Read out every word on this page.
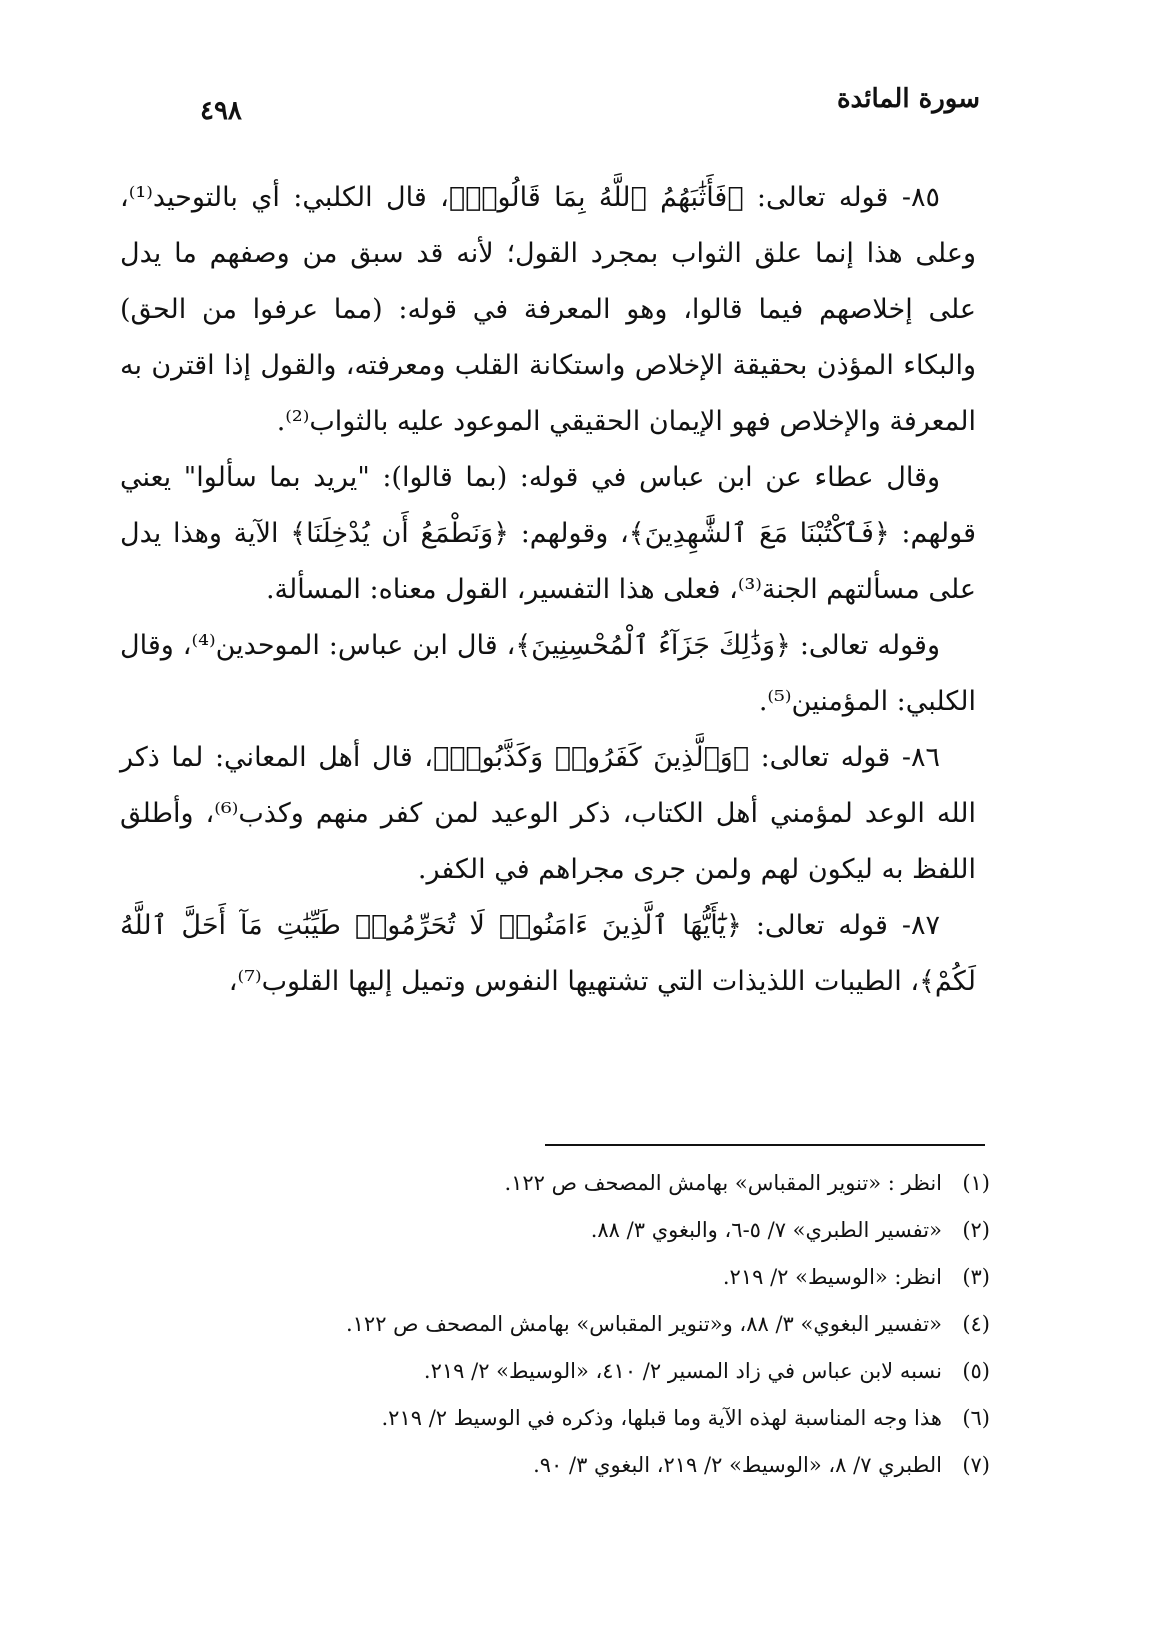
سورة المائدة
٤٩٨

٨٥- قوله تعالى: ﴿فَأَثَٰبَهُمُ ٱللَّهُ بِمَا قَالُوا۟﴾، قال الكلبي: أي بالتوحيد⁽¹⁾، وعلى هذا إنما علق الثواب بمجرد القول؛ لأنه قد سبق من وصفهم ما يدل على إخلاصهم فيما قالوا، وهو المعرفة في قوله: (مما عرفوا من الحق) والبكاء المؤذن بحقيقة الإخلاص واستكانة القلب ومعرفته، والقول إذا اقترن به المعرفة والإخلاص فهو الإيمان الحقيقي الموعود عليه بالثواب⁽²⁾.

وقال عطاء عن ابن عباس في قوله: (بما قالوا): "يريد بما سألوا" يعني قولهم: ﴿فَٱكْتُبْنَا مَعَ ٱلشَّٰهِدِينَ﴾، وقولهم: ﴿وَنَطْمَعُ أَن يُدْخِلَنَا﴾ الآية وهذا يدل على مسألتهم الجنة⁽³⁾، فعلى هذا التفسير، القول معناه: المسألة.

وقوله تعالى: ﴿وَذَٰلِكَ جَزَآءُ ٱلْمُحْسِنِينَ﴾، قال ابن عباس: الموحدين⁽⁴⁾، وقال الكلبي: المؤمنين⁽⁵⁾.

٨٦- قوله تعالى: ﴿وَٱلَّذِينَ كَفَرُوا۟ وَكَذَّبُوا۟﴾، قال أهل المعاني: لما ذكر الله الوعد لمؤمني أهل الكتاب، ذكر الوعيد لمن كفر منهم وكذب⁽⁶⁾، وأطلق اللفظ به ليكون لهم ولمن جرى مجراهم في الكفر.

٨٧- قوله تعالى: ﴿يَٰٓأَيُّهَا ٱلَّذِينَ ءَامَنُوا۟ لَا تُحَرِّمُوا۟ طَيِّبَٰتِ مَآ أَحَلَّ ٱللَّهُ لَكُمْ﴾، الطيبات اللذيذات التي تشتهيها النفوس وتميل إليها القلوب⁽⁷⁾،

(١)
انظر : «تنوير المقباس» بهامش المصحف ص ١٢٢.
(٢)
«تفسير الطبري» ٧/ ٥-٦، والبغوي ٣/ ٨٨.
(٣)
انظر: «الوسيط» ٢/ ٢١٩.
(٤)
«تفسير البغوي» ٣/ ٨٨، و«تنوير المقباس» بهامش المصحف ص ١٢٢.
(٥)
نسبه لابن عباس في زاد المسير ٢/ ٤١٠، «الوسيط» ٢/ ٢١٩.
(٦)
هذا وجه المناسبة لهذه الآية وما قبلها، وذكره في الوسيط ٢/ ٢١٩.
(٧)
الطبري ٧/ ٨، «الوسيط» ٢/ ٢١٩، البغوي ٣/ ٩٠.
